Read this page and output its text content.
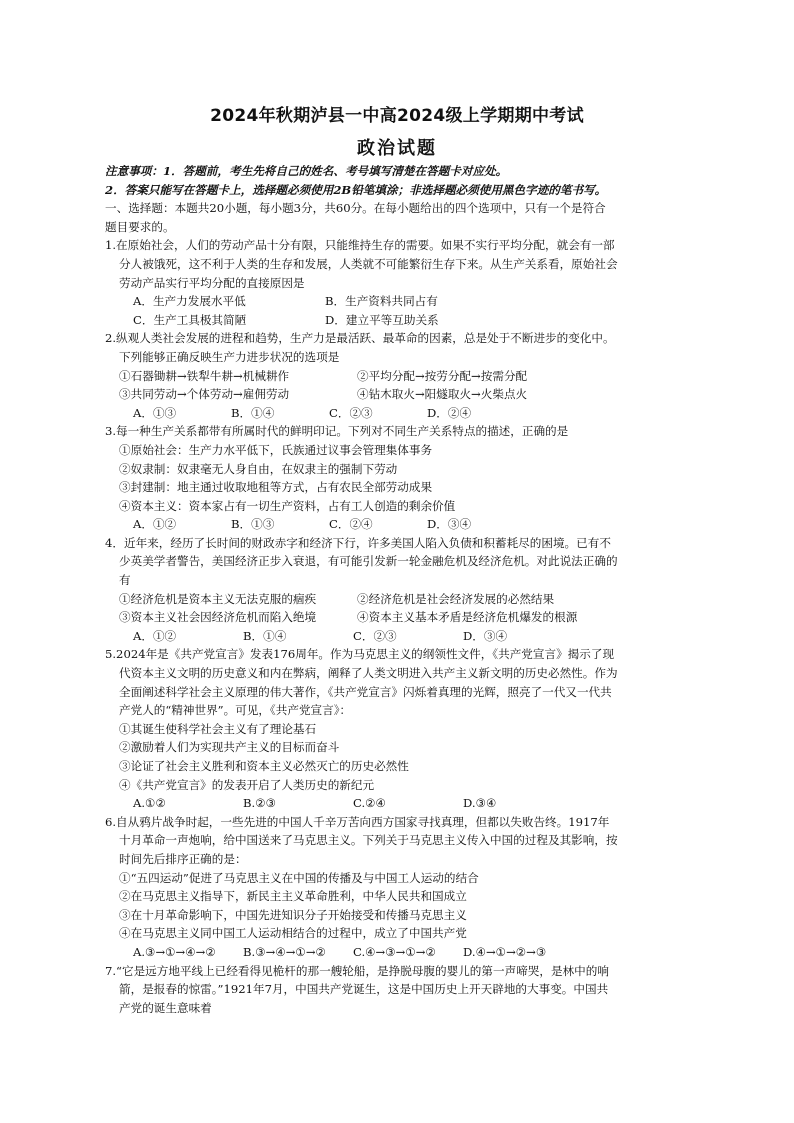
2024年秋期泸县一中高2024级上学期期中考试
政治试题
注意事项：1．答题前，考生先将自己的姓名、考号填写清楚在答题卡对应处。
2．答案只能写在答题卡上，选择题必须使用2B铅笔填涂；非选择题必须使用黑色字迹的笔书写。
一、选择题：本题共20小题，每小题3分，共60分。在每小题给出的四个选项中，只有一个是符合
题目要求的。
1.在原始社会，人们的劳动产品十分有限，只能维持生存的需要。如果不实行平均分配，就会有一部
分人被饿死，这不利于人类的生存和发展，人类就不可能繁衍生存下来。从生产关系看，原始社会
劳动产品实行平均分配的直接原因是
A．生产力发展水平低	B．生产资料共同占有
C．生产工具极其简陋	D．建立平等互助关系
2.纵观人类社会发展的进程和趋势，生产力是最活跃、最革命的因素，总是处于不断进步的变化中。
下列能够正确反映生产力进步状况的选项是
①石器锄耕→铁犁牛耕→机械耕作	②平均分配→按劳分配→按需分配
③共同劳动→个体劳动→雇佣劳动	④钻木取火→阳燧取火→火柴点火
A．①③	B．①④	C．②③	D．②④
3.每一种生产关系都带有所属时代的鲜明印记。下列对不同生产关系特点的描述，正确的是
①原始社会：生产力水平低下，氏族通过议事会管理集体事务
②奴隶制：奴隶毫无人身自由，在奴隶主的强制下劳动
③封建制：地主通过收取地租等方式，占有农民全部劳动成果
④资本主义：资本家占有一切生产资料，占有工人创造的剩余价值
A．①②	B．①③	C．②④	D．③④
4．近年来，经历了长时间的财政赤字和经济下行，许多美国人陷入负债和积蓄耗尽的困境。已有不
少英美学者警告，美国经济正步入衰退，有可能引发新一轮金融危机及经济危机。对此说法正确的
有
①经济危机是资本主义无法克服的痼疾	②经济危机是社会经济发展的必然结果
③资本主义社会因经济危机而陷入绝境	④资本主义基本矛盾是经济危机爆发的根源
A．①②	B．①④	C．②③	D．③④
5.2024年是《共产党宣言》发表176周年。作为马克思主义的纲领性文件，《共产党宣言》揭示了现
代资本主义文明的历史意义和内在弊病，阐释了人类文明进入共产主义新文明的历史必然性。作为
全面阐述科学社会主义原理的伟大著作，《共产党宣言》闪烁着真理的光辉，照亮了一代又一代共
产党人的“精神世界”。可见，《共产党宣言》：
①其诞生使科学社会主义有了理论基石
②激励着人们为实现共产主义的目标而奋斗
③论证了社会主义胜利和资本主义必然灭亡的历史必然性
④《共产党宣言》的发表开启了人类历史的新纪元
A.①②	B.②③	C.②④	D.③④
6.自从鸦片战争时起，一些先进的中国人千辛万苦向西方国家寻找真理，但都以失败告终。1917年
十月革命一声炮响，给中国送来了马克思主义。下列关于马克思主义传入中国的过程及其影响，按
时间先后排序正确的是：
①“五四运动”促进了马克思主义在中国的传播及与中国工人运动的结合
②在马克思主义指导下，新民主主义革命胜利，中华人民共和国成立
③在十月革命影响下，中国先进知识分子开始接受和传播马克思主义
④在马克思主义同中国工人运动相结合的过程中，成立了中国共产党
A.③→①→④→② B.③→④→①→② C.④→③→①→② D.④→①→②→③
7.“它是远方地平线上已经看得见桅杆的那一艘轮船，是挣脱母腹的婴儿的第一声啼哭，是林中的响
箭，是报春的惊雷。”1921年7月，中国共产党诞生，这是中国历史上开天辟地的大事变。中国共
产党的诞生意味着
